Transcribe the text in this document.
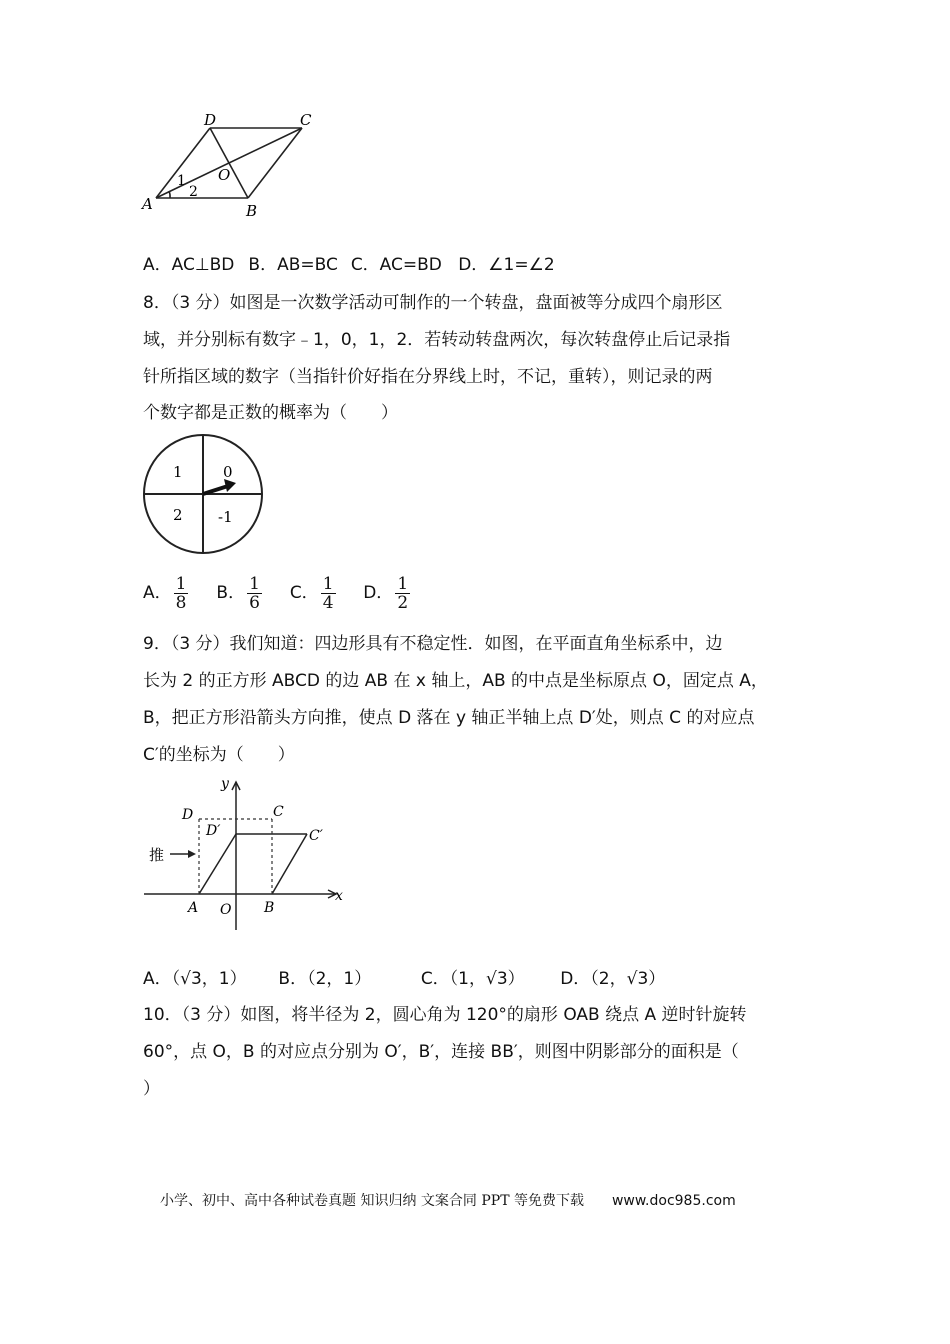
A	B
C
D
O
1
2
A．AC⊥BD B．AB=BC C．AC=BD D．∠1=∠2
8．（3 分）如图是一次数学活动可制作的一个转盘，盘面被等分成四个扇形区
域，并分别标有数字﹣1，0，1，2．若转动转盘两次，每次转盘停止后记录指
针所指区域的数字（当指针价好指在分界线上时，不记，重转），则记录的两
个数字都是正数的概率为（　　）
1	0
2 -1
A． $\frac{1}{8}$ B． $\frac{1}{6}$ C． $\frac{1}{4}$ D． $\frac{1}{2}$
9．（3 分）我们知道：四边形具有不稳定性．如图，在平面直角坐标系中，边
长为 2 的正方形 ABCD 的边 AB 在 x 轴上，AB 的中点是坐标原点 O，固定点 A，
B，把正方形沿箭头方向推，使点 D 落在 y 轴正半轴上点 D′处，则点 C 的对应点
C′的坐标为（　　）
y
x
D	C
D′	C′
推
A O B
A．（√3，1） B．（2，1）	C．（1，√3） D．（2，√3）
10．（3 分）如图，将半径为 2，圆心角为 120°的扇形 OAB 绕点 A 逆时针旋转
60°，点 O，B 的对应点分别为 O′，B′，连接 BB′，则图中阴影部分的面积是（
）
小学、初中、高中各种试卷真题 知识归纳 文案合同 PPT 等免费下载 www.doc985.com
